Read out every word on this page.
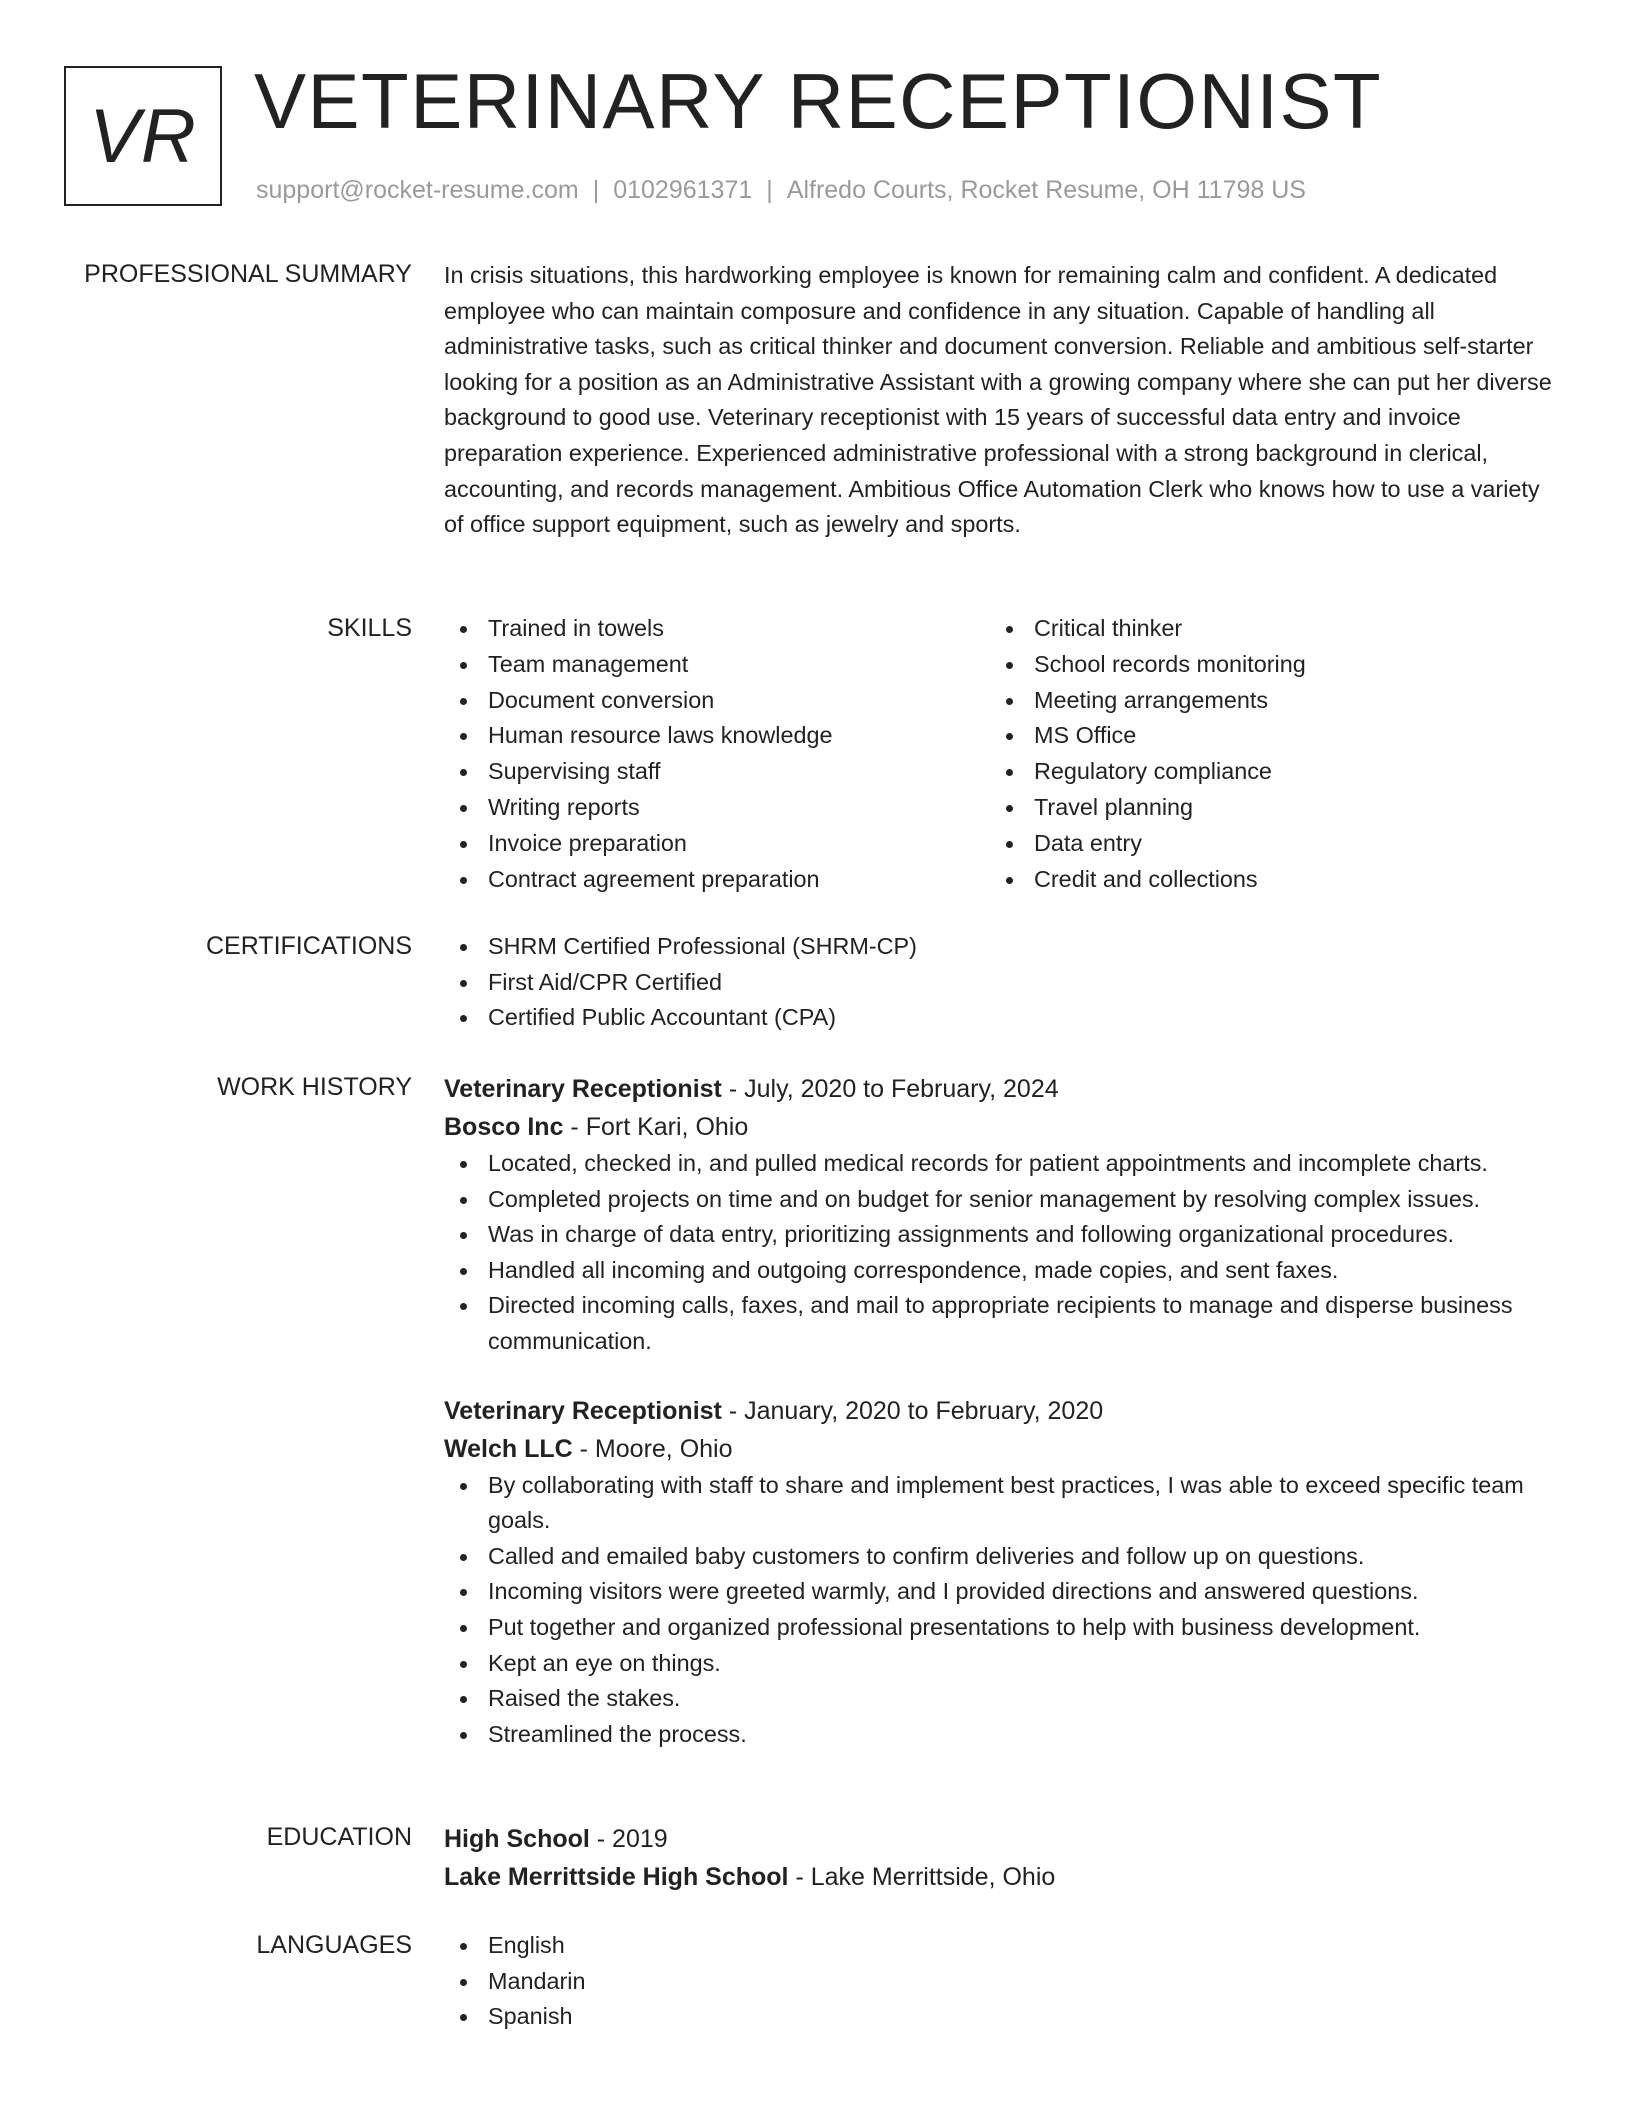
VR VETERINARY RECEPTIONIST
support@rocket-resume.com | 0102961371 | Alfredo Courts, Rocket Resume, OH 11798 US
PROFESSIONAL SUMMARY In crisis situations, this hardworking employee is known for remaining calm and confident. A dedicated employee who can maintain composure and confidence in any situation. Capable of handling all administrative tasks, such as critical thinker and document conversion. Reliable and ambitious self-starter looking for a position as an Administrative Assistant with a growing company where she can put her diverse background to good use. Veterinary receptionist with 15 years of successful data entry and invoice preparation experience. Experienced administrative professional with a strong background in clerical, accounting, and records management. Ambitious Office Automation Clerk who knows how to use a variety of office support equipment, such as jewelry and sports.
SKILLS	Trained in towels
Team management
Document conversion
Human resource laws knowledge
Supervising staff
Writing reports
Invoice preparation
Contract agreement preparation
Critical thinker
School records monitoring
Meeting arrangements
MS Office
Regulatory compliance
Travel planning
Data entry
Credit and collections
CERTIFICATIONS	SHRM Certified Professional (SHRM-CP)
First Aid/CPR Certified
Certified Public Accountant (CPA)
WORK HISTORY Veterinary Receptionist - July, 2020 to February, 2024
Bosco Inc - Fort Kari, Ohio
Located, checked in, and pulled medical records for patient appointments and incomplete charts.
Completed projects on time and on budget for senior management by resolving complex issues.
Was in charge of data entry, prioritizing assignments and following organizational procedures.
Handled all incoming and outgoing correspondence, made copies, and sent faxes.
Directed incoming calls, faxes, and mail to appropriate recipients to manage and disperse business communication.
Veterinary Receptionist - January, 2020 to February, 2020
Welch LLC - Moore, Ohio
By collaborating with staff to share and implement best practices, I was able to exceed specific team goals.
Called and emailed baby customers to confirm deliveries and follow up on questions.
Incoming visitors were greeted warmly, and I provided directions and answered questions.
Put together and organized professional presentations to help with business development.
Kept an eye on things.
Raised the stakes.
Streamlined the process.
EDUCATION High School - 2019
Lake Merrittside High School - Lake Merrittside, Ohio
LANGUAGES	English
Mandarin
Spanish
